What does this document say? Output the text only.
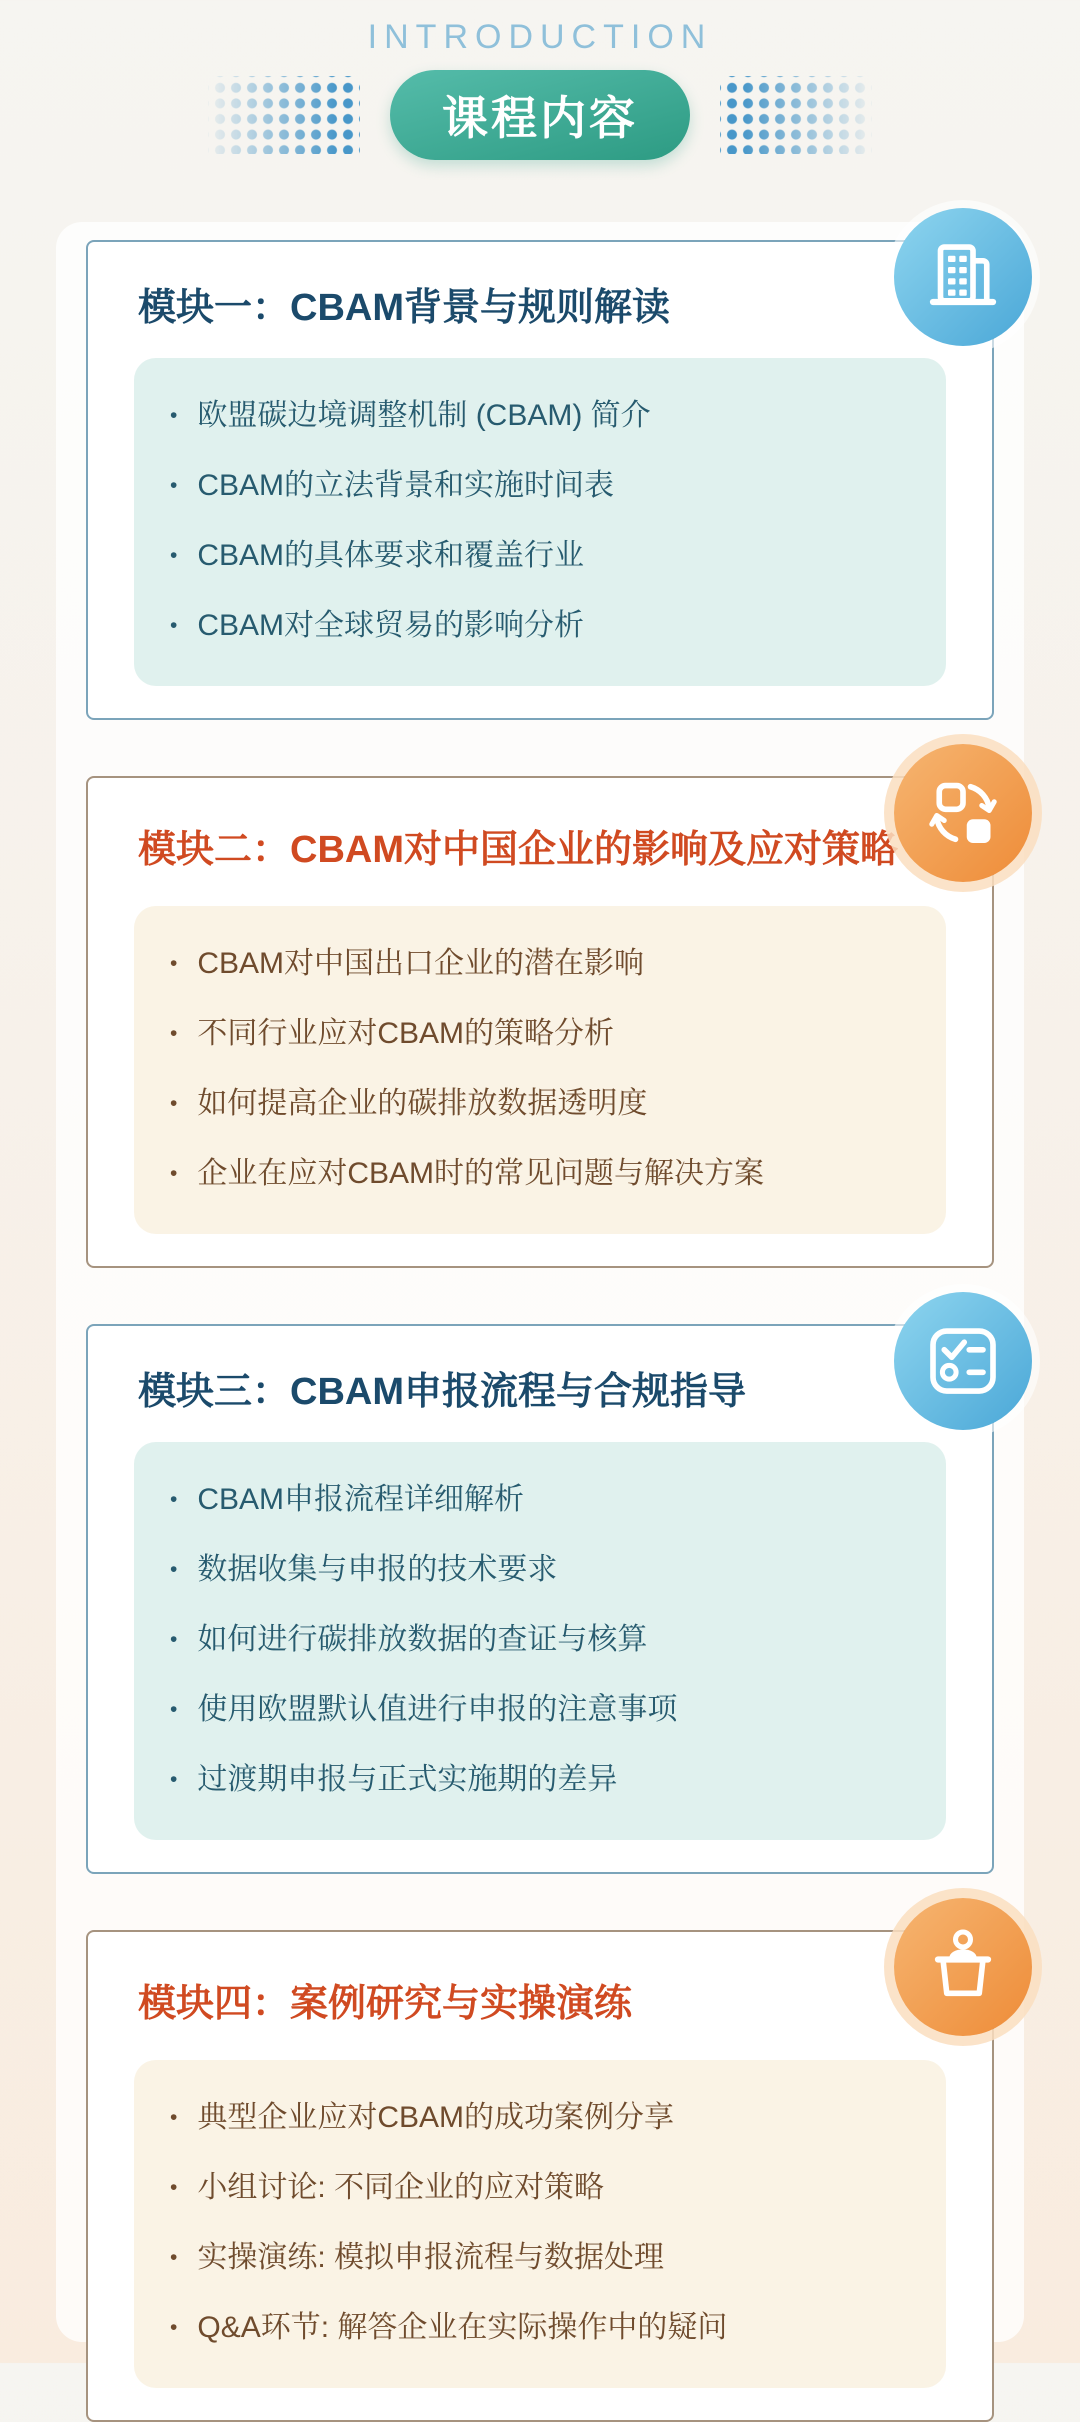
INTRODUCTION
课程内容
模块一：CBAM背景与规则解读
• 欧盟碳边境调整机制 (CBAM) 简介
• CBAM的立法背景和实施时间表
• CBAM的具体要求和覆盖行业
• CBAM对全球贸易的影响分析
模块二：CBAM对中国企业的影响及应对策略
• CBAM对中国出口企业的潜在影响
• 不同行业应对CBAM的策略分析
• 如何提高企业的碳排放数据透明度
• 企业在应对CBAM时的常见问题与解决方案
模块三：CBAM申报流程与合规指导
• CBAM申报流程详细解析
• 数据收集与申报的技术要求
• 如何进行碳排放数据的查证与核算
• 使用欧盟默认值进行申报的注意事项
• 过渡期申报与正式实施期的差异
模块四：案例研究与实操演练
• 典型企业应对CBAM的成功案例分享
• 小组讨论: 不同企业的应对策略
• 实操演练: 模拟申报流程与数据处理
• Q&A环节: 解答企业在实际操作中的疑问
